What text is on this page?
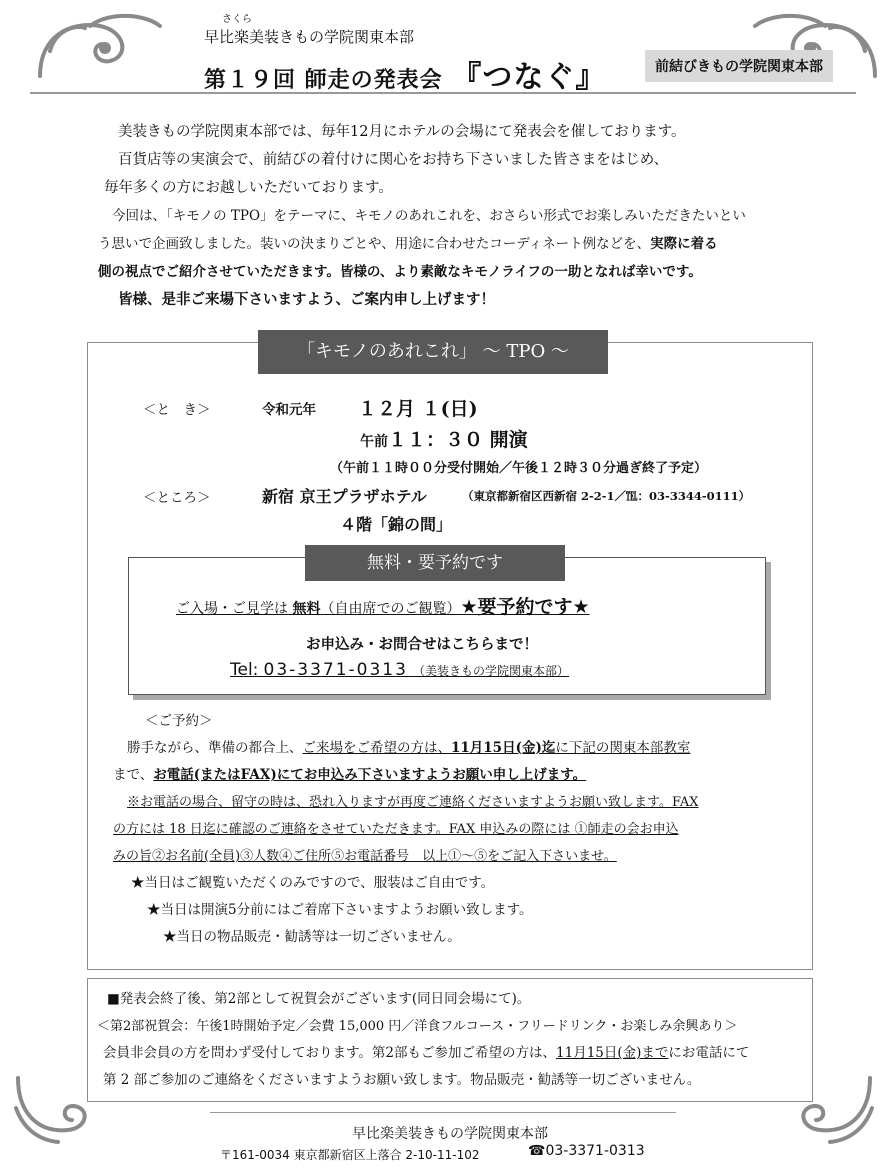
さくら
早比楽美装きもの学院関東本部
第１９回 師走の発表会 『つなぐ』	前結びきもの学院関東本部

美装きもの学院関東本部では、毎年12月にホテルの会場にて発表会を催しております。

百貨店等の実演会で、前結びの着付けに関心をお持ち下さいました皆さまをはじめ、

毎年多くの方にお越しいただいております。

今回は、「キモノの TPO」をテーマに、キモノのあれこれを、おさらい形式でお楽しみいただきたいとい

う思いで企画致しました。装いの決まりごとや、用途に合わせたコーディネート例などを、実際に着る

側の視点でご紹介させていただきます。皆様の、より素敵なキモノライフの一助となれば幸いです。

皆様、是非ご来場下さいますよう、ご案内申し上げます！

「キモノのあれこれ」 ～ TPO ～
＜と　き＞	令和元年 １２月 １(日)
午前１１：３０ 開演
（午前１１時００分受付開始／午後１２時３０分過ぎ終了予定）
＜ところ＞	新宿 京王プラザホテル	（東京都新宿区西新宿 2-2-1／℡：03-3344-0111）
４階「錦の間」
無料・要予約です
ご入場・ご見学は 無料（自由席でのご観覧）★要予約です★
お申込み・お問合せはこちらまで！
Tel: 03-3371-0313 （美装きもの学院関東本部）

＜ご予約＞

勝手ながら、準備の都合上、ご来場をご希望の方は、11月15日(金)迄に下記の関東本部教室

まで、お電話(またはFAX)にてお申込み下さいますようお願い申し上げます。

※お電話の場合、留守の時は、恐れ入りますが再度ご連絡くださいますようお願い致します。FAX

の方には 18 日迄に確認のご連絡をさせていただきます。FAX 申込みの際には ①師走の会お申込

みの旨②お名前(全員)③人数④ご住所⑤お電話番号　以上①～⑤をご記入下さいませ。

★当日はご観覧いただくのみですので、服装はご自由です。

★当日は開演5分前にはご着席下さいますようお願い致します。

★当日の物品販売・勧誘等は一切ございません。

■発表会終了後、第2部として祝賀会がございます(同日同会場にて)。

＜第2部祝賀会：午後1時開始予定／会費 15,000 円／洋食フルコース・フリードリンク・お楽しみ余興あり＞

会員非会員の方を問わず受付しております。第2部もご参加ご希望の方は、11月15日(金)までにお電話にて

第 2 部ご参加のご連絡をくださいますようお願い致します。物品販売・勧誘等一切ございません。

早比楽美装きもの学院関東本部
〒161-0034 東京都新宿区上落合 2-10-11-102	☎03-3371-0313
